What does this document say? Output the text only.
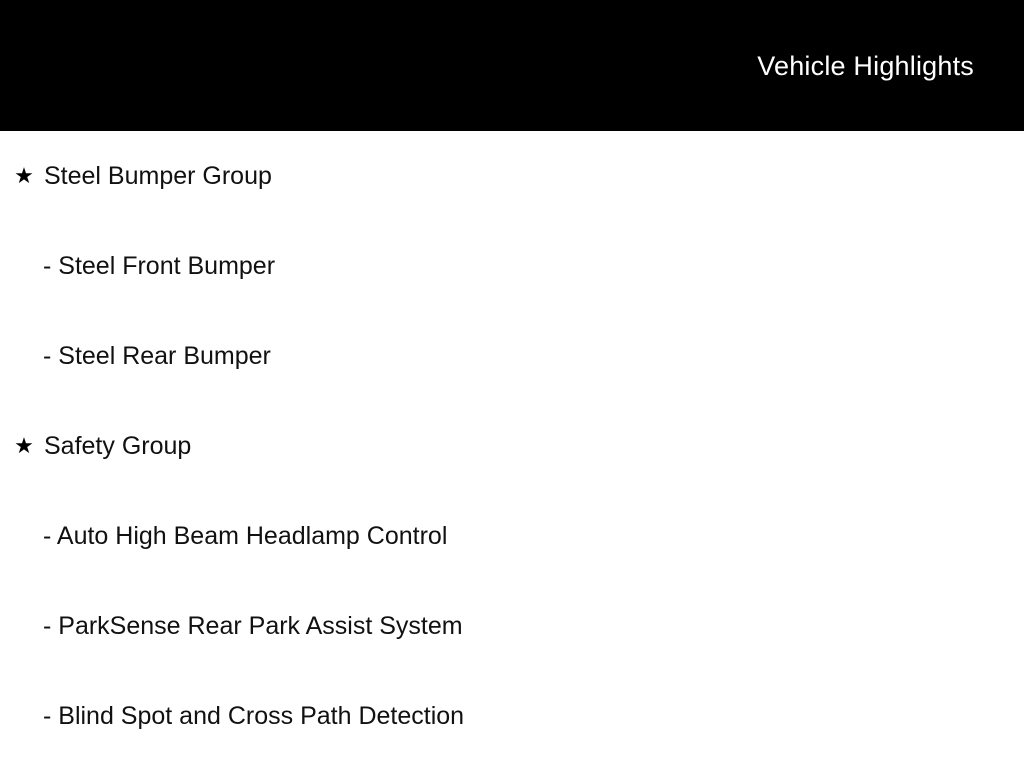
Vehicle Highlights
★ Steel Bumper Group
- Steel Front Bumper
- Steel Rear Bumper
★ Safety Group
- Auto High Beam Headlamp Control
- ParkSense Rear Park Assist System
- Blind Spot and Cross Path Detection
